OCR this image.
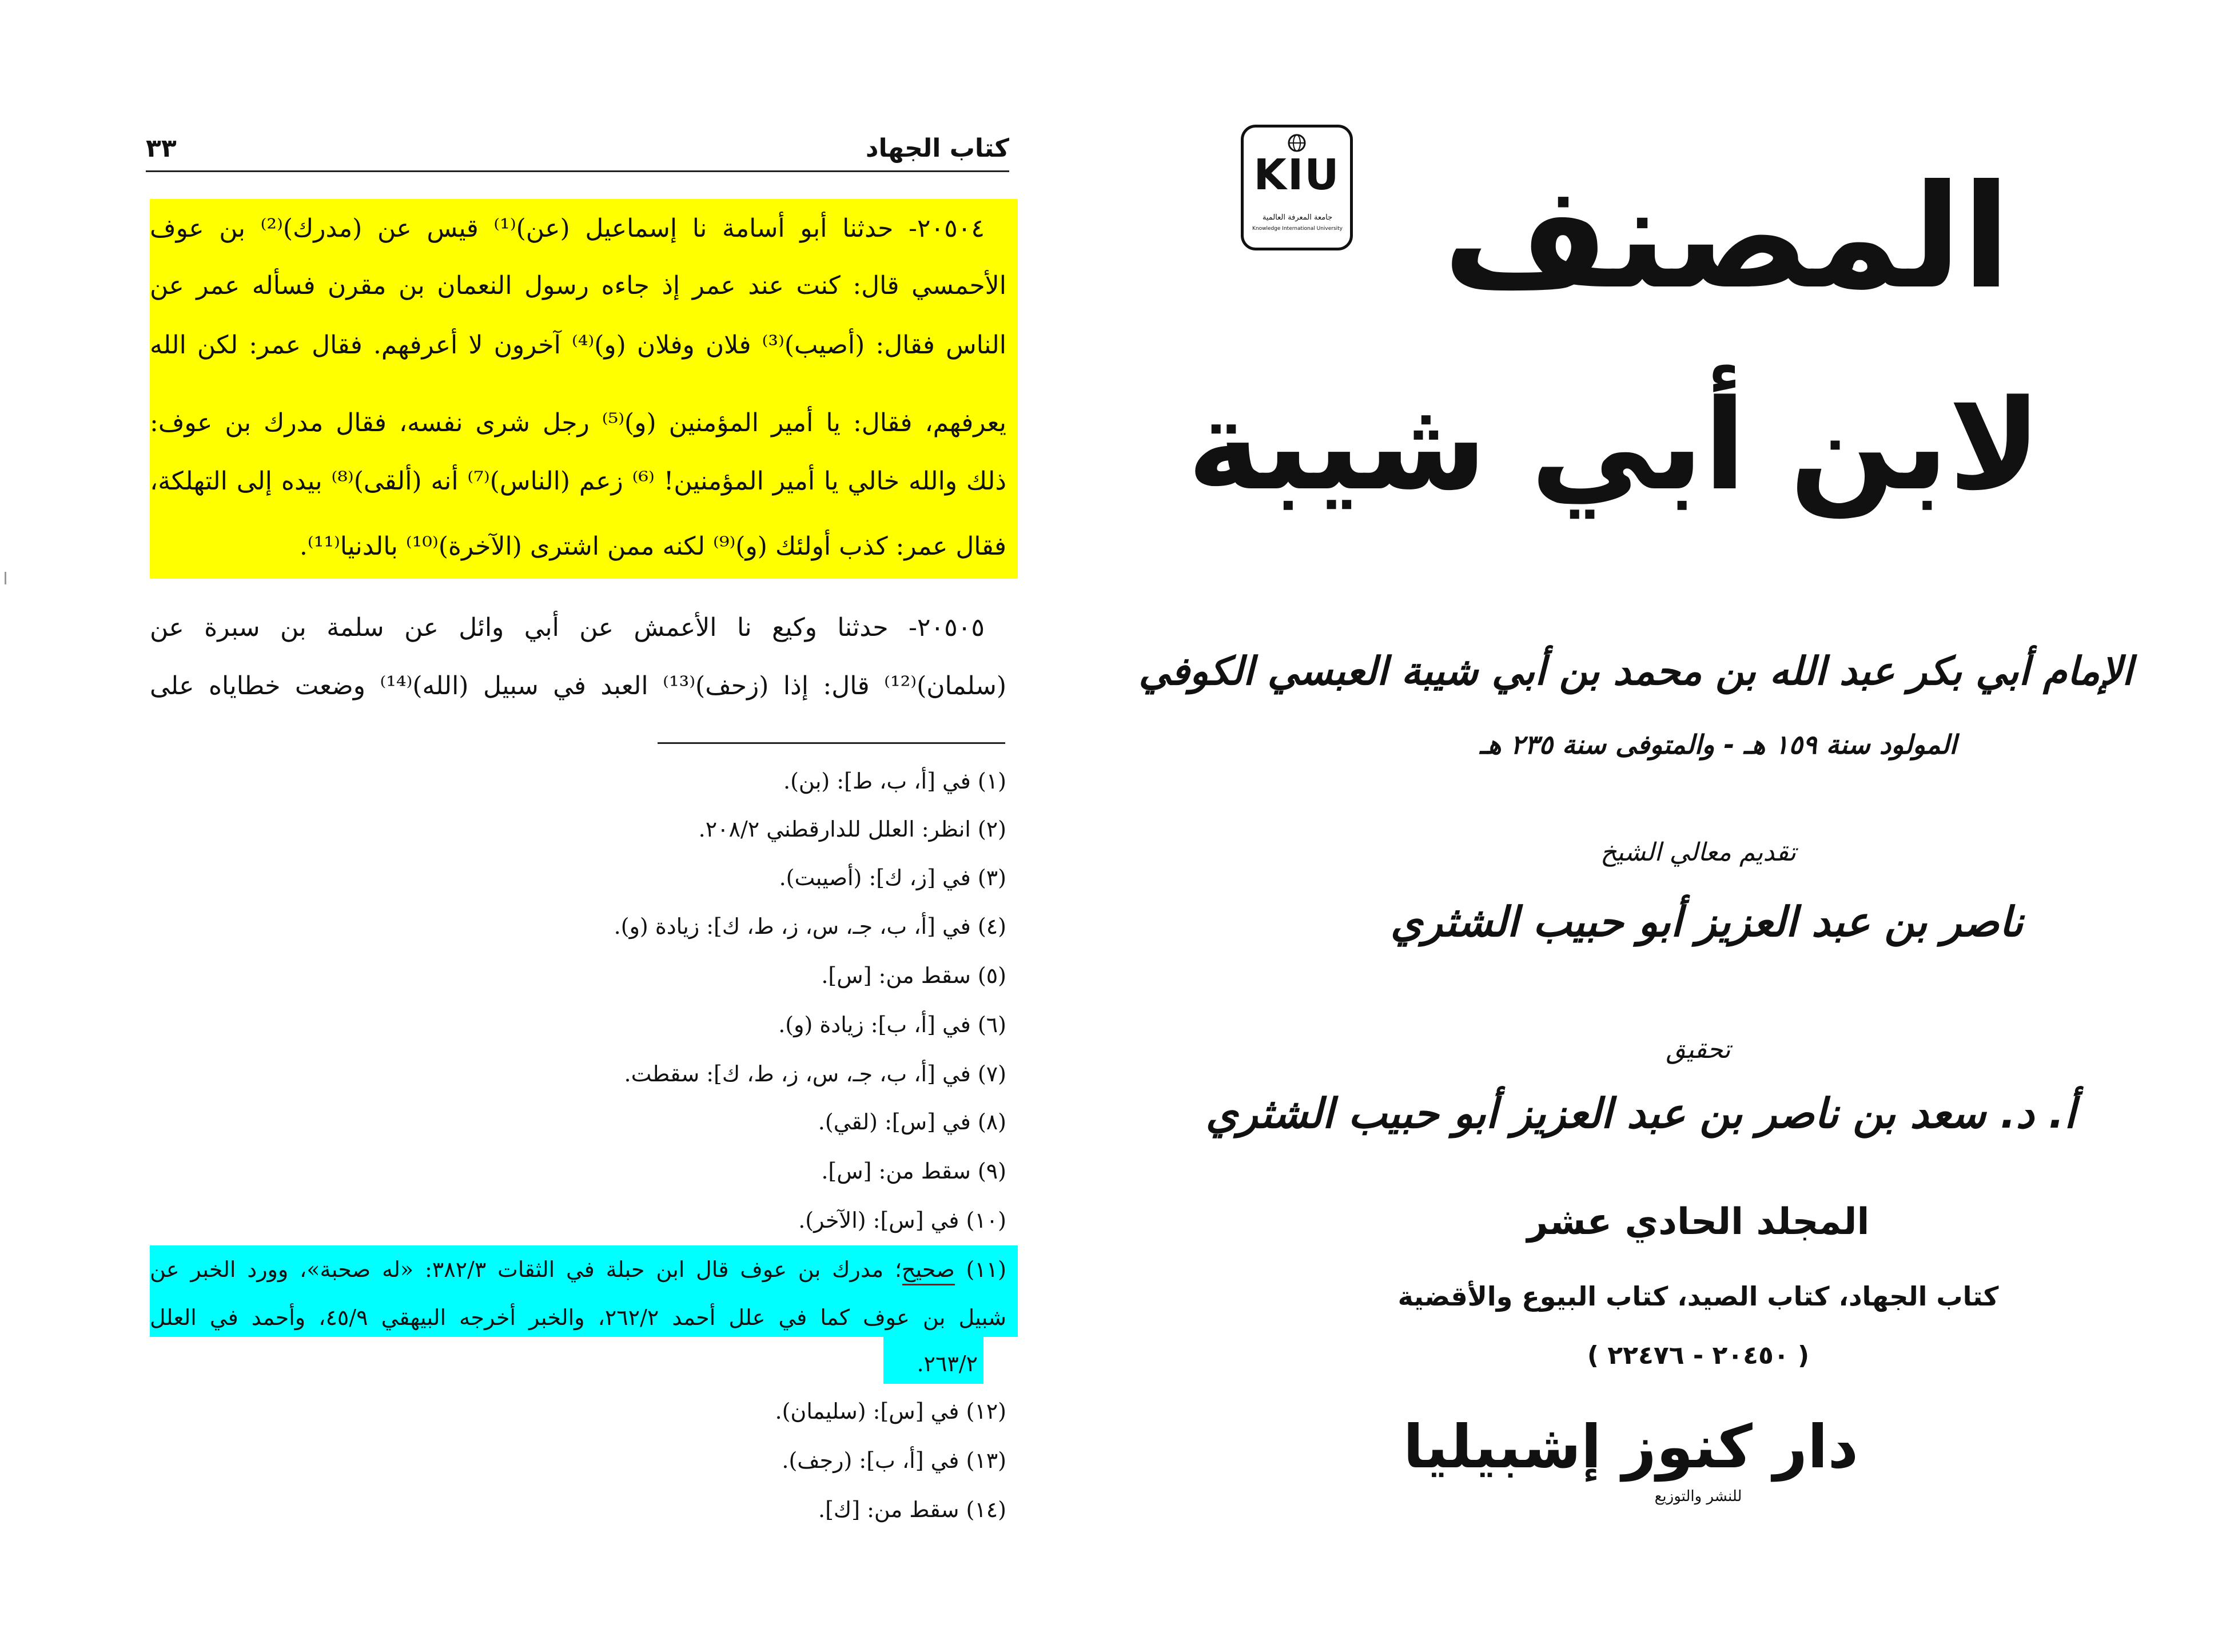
٣٣	كتاب الجهاد
٢٠٥٠٤- حدثنا أبو أسامة نا إسماعيل (عن)⁽¹⁾ قيس عن (مدرك)⁽²⁾ بن عوف
الأحمسي قال: كنت عند عمر إذ جاءه رسول النعمان بن مقرن فسأله عمر عن
الناس فقال: (أصيب)⁽³⁾ فلان وفلان (و)⁽⁴⁾ آخرون لا أعرفهم. فقال عمر: لكن الله
يعرفهم، فقال: يا أمير المؤمنين (و)⁽⁵⁾ رجل شرى نفسه، فقال مدرك بن عوف:
ذلك والله خالي يا أمير المؤمنين! ⁽⁶⁾ زعم (الناس)⁽⁷⁾ أنه (ألقى)⁽⁸⁾ بيده إلى التهلكة،
فقال عمر: كذب أولئك (و)⁽⁹⁾ لكنه ممن اشترى (الآخرة)⁽¹⁰⁾ بالدنيا⁽¹¹⁾.
٢٠٥٠٥- حدثنا وكيع نا الأعمش عن أبي وائل عن سلمة بن سبرة عن
(سلمان)⁽¹²⁾ قال: إذا (زحف)⁽¹³⁾ العبد في سبيل (الله)⁽¹⁴⁾ وضعت خطاياه على
(١) في [أ، ب، ط]: (بن).
(٢) انظر: العلل للدارقطني ٢٠٨/٢.
(٣) في [ز، ك]: (أصيبت).
(٤) في [أ، ب، جـ، س، ز، ط، ك]: زيادة (و).
(٥) سقط من: [س].
(٦) في [أ، ب]: زيادة (و).
(٧) في [أ، ب، جـ، س، ز، ط، ك]: سقطت.
(٨) في [س]: (لقي).
(٩) سقط من: [س].
(١٠) في [س]: (الآخر).
(١١) صحيح؛ مدرك بن عوف قال ابن حبلة في الثقات ٣٨٢/٣: «له صحبة»، وورد الخبر عن
شبيل بن عوف كما في علل أحمد ٢٦٢/٢، والخبر أخرجه البيهقي ٤٥/٩، وأحمد في العلل
٢٦٣/٢.
(١٢) في [س]: (سليمان).
(١٣) في [أ، ب]: (رجف).
(١٤) سقط من: [ك].
KIU
جامعة المعرفة العالمية
Knowledge International University المصنف
لابن أبي شيبة
الإمام أبي بكر عبد الله بن محمد بن أبي شيبة العبسي الكوفي
المولود سنة ١٥٩ هـ - والمتوفى سنة ٢٣٥ هـ
تقديم معالي الشيخ
ناصر بن عبد العزيز أبو حبيب الشثري
تحقيق
أ. د. سعد بن ناصر بن عبد العزيز أبو حبيب الشثري
المجلد الحادي عشر
كتاب الجهاد، كتاب الصيد، كتاب البيوع والأقضية
( ٢٠٤٥٠ - ٢٢٤٧٦ )
دار كنوز إشبيليا
للنشر والتوزيع
